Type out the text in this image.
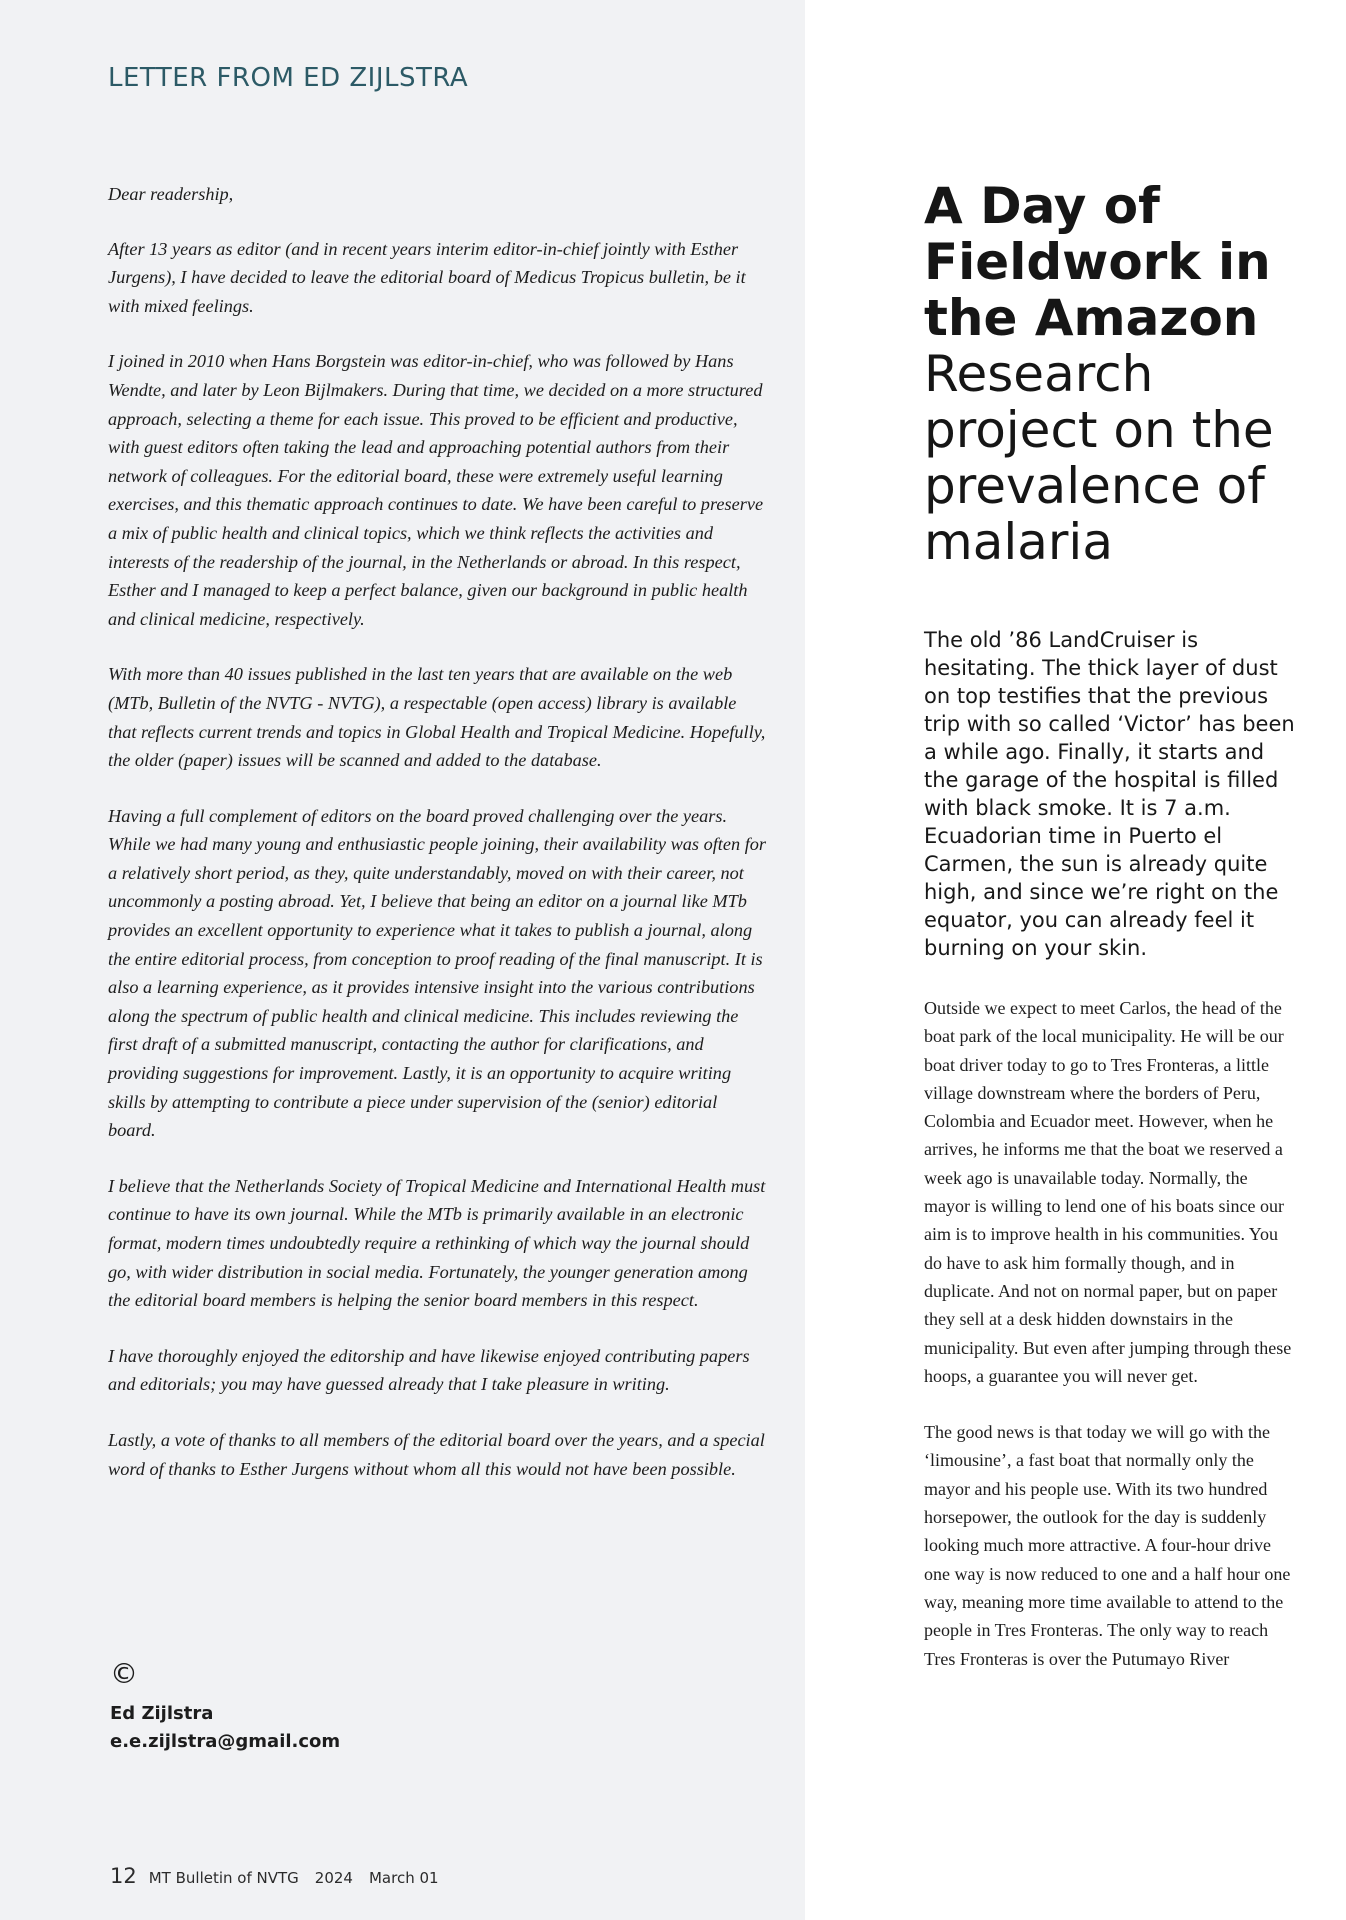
LETTER FROM ED ZIJLSTRA

Dear readership,

After 13 years as editor (and in recent years interim editor-in-chief jointly with Esther Jurgens), I have decided to leave the editorial board of Medicus Tropicus bulletin, be it with mixed feelings.

I joined in 2010 when Hans Borgstein was editor-in-chief, who was followed by Hans Wendte, and later by Leon Bijlmakers. During that time, we decided on a more structured approach, selecting a theme for each issue. This proved to be efficient and productive, with guest editors often taking the lead and approaching potential authors from their network of colleagues. For the editorial board, these were extremely useful learning exercises, and this thematic approach continues to date. We have been careful to preserve a mix of public health and clinical topics, which we think reflects the activities and interests of the readership of the journal, in the Netherlands or abroad. In this respect, Esther and I managed to keep a perfect balance, given our background in public health and clinical medicine, respectively.

With more than 40 issues published in the last ten years that are available on the web (MTb, Bulletin of the NVTG - NVTG), a respectable (open access) library is available that reflects current trends and topics in Global Health and Tropical Medicine. Hopefully, the older (paper) issues will be scanned and added to the database.

Having a full complement of editors on the board proved challenging over the years. While we had many young and enthusiastic people joining, their availability was often for a relatively short period, as they, quite understandably, moved on with their career, not uncommonly a posting abroad. Yet, I believe that being an editor on a journal like MTb provides an excellent opportunity to experience what it takes to publish a journal, along the entire editorial process, from conception to proof reading of the final manuscript. It is also a learning experience, as it provides intensive insight into the various contributions along the spectrum of public health and clinical medicine. This includes reviewing the first draft of a submitted manuscript, contacting the author for clarifications, and providing suggestions for improvement. Lastly, it is an opportunity to acquire writing skills by attempting to contribute a piece under supervision of the (senior) editorial board.

I believe that the Netherlands Society of Tropical Medicine and International Health must continue to have its own journal. While the MTb is primarily available in an electronic format, modern times undoubtedly require a rethinking of which way the journal should go, with wider distribution in social media. Fortunately, the younger generation among the editorial board members is helping the senior board members in this respect.

I have thoroughly enjoyed the editorship and have likewise enjoyed contributing papers and editorials; you may have guessed already that I take pleasure in writing.

Lastly, a vote of thanks to all members of the editorial board over the years, and a special word of thanks to Esther Jurgens without whom all this would not have been possible.

©
Ed Zijlstra
e.e.zijlstra@gmail.com
12 MT Bulletin of NVTG 2024 March 01
A Day of
Fieldwork in
the Amazon
Research
project on the
prevalence of
malaria

The old ’86 LandCruiser is hesitating. The thick layer of dust on top testifies that the previous trip with so called ‘Victor’ has been a while ago. Finally, it starts and the garage of the hospital is filled with black smoke. It is 7 a.m. Ecuadorian time in Puerto el Carmen, the sun is already quite high, and since we’re right on the equator, you can already feel it burning on your skin.

Outside we expect to meet Carlos, the head of the boat park of the local municipality. He will be our boat driver today to go to Tres Fronteras, a little village downstream where the borders of Peru, Colombia and Ecuador meet. However, when he arrives, he informs me that the boat we reserved a week ago is unavailable today. Normally, the mayor is willing to lend one of his boats since our aim is to improve health in his communities. You do have to ask him formally though, and in duplicate. And not on normal paper, but on paper they sell at a desk hidden downstairs in the municipality. But even after jumping through these hoops, a guarantee you will never get.

The good news is that today we will go with the ‘limousine’, a fast boat that normally only the mayor and his people use. With its two hundred horsepower, the outlook for the day is suddenly looking much more attractive. A four-hour drive one way is now reduced to one and a half hour one way, meaning more time available to attend to the people in Tres Fronteras. The only way to reach Tres Fronteras is over the Putumayo River
